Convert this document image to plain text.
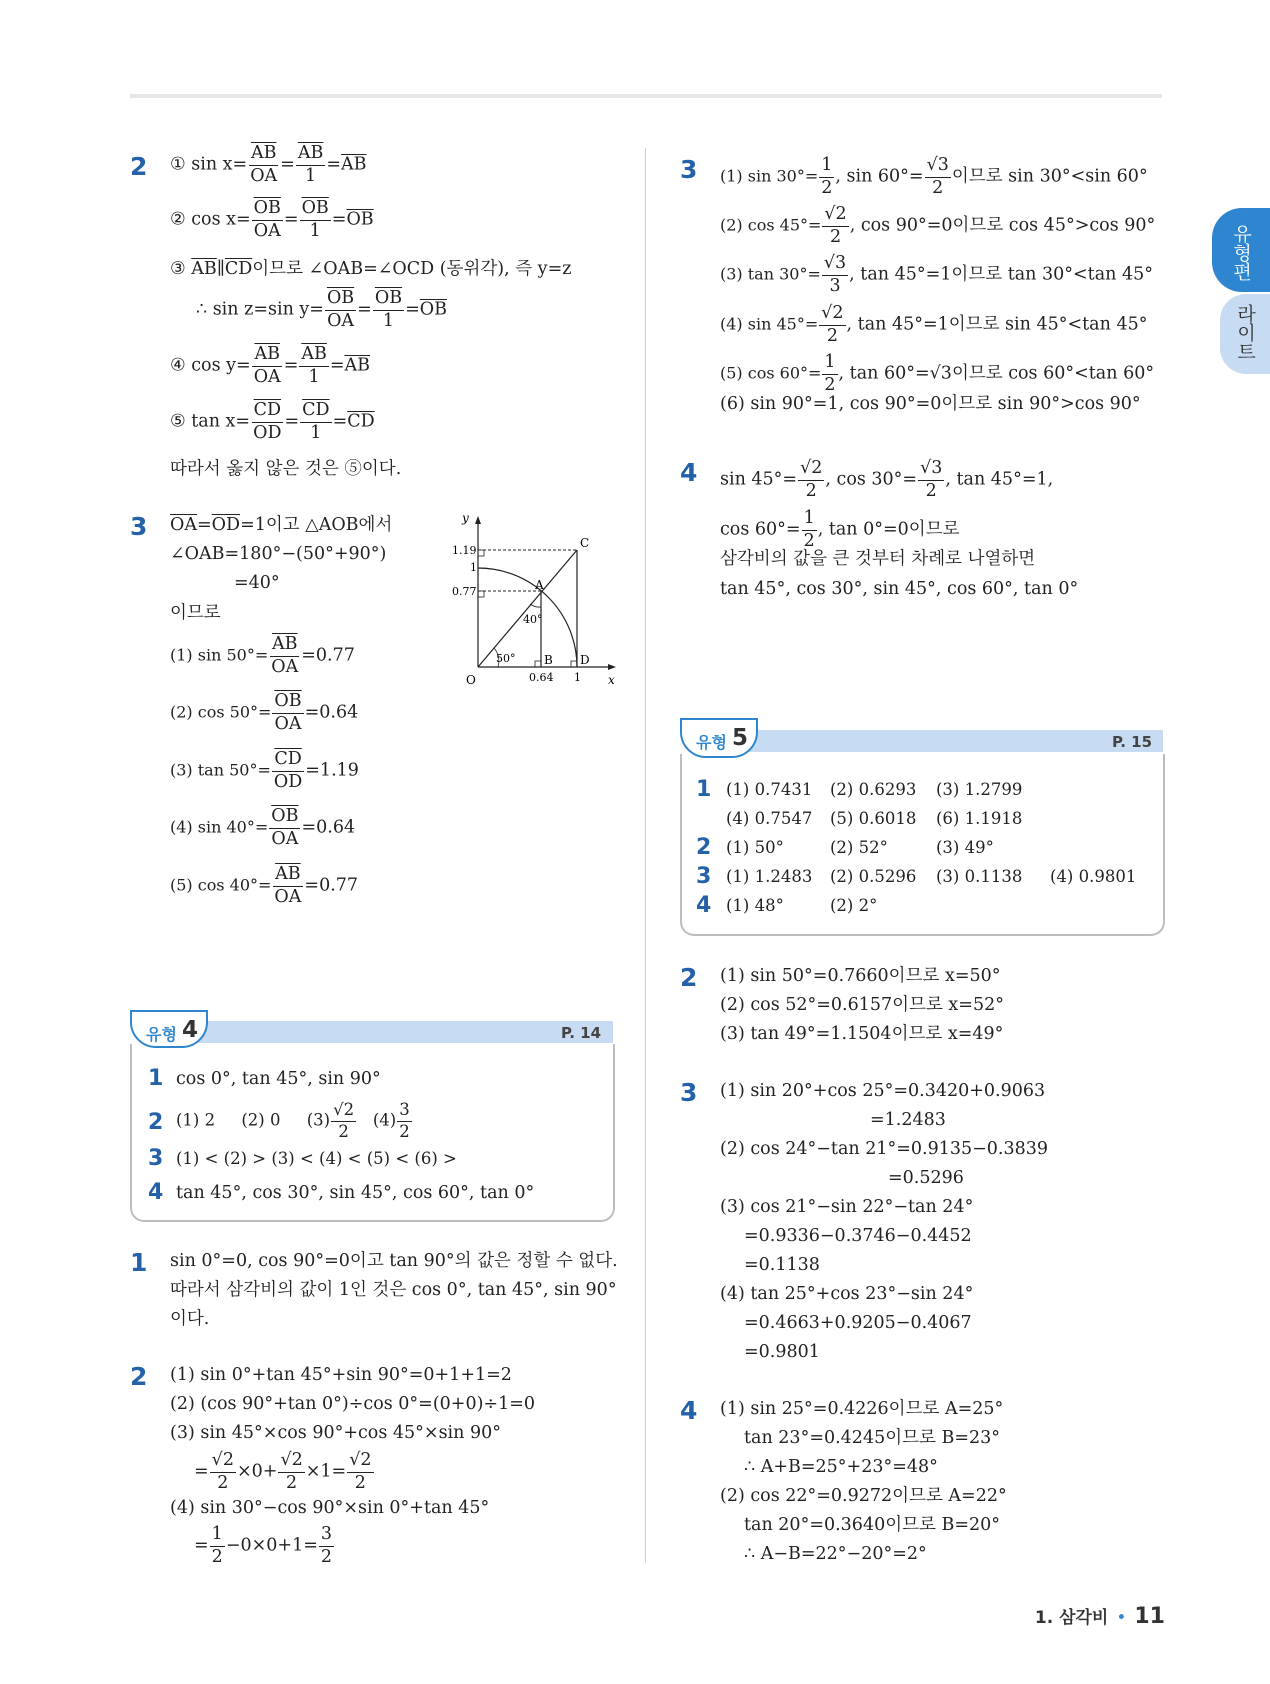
유형편
라이트
2 ① $\sin x= \frac{\overline{AB}}{OA} = \frac{\overline{AB}}{1} =\overline{AB}$
② $\cos x= \frac{\overline{OB}}{OA} = \frac{\overline{OB}}{1} =\overline{OB}$
③ $\overline{AB}\parallel\overline{CD}$이므로 ∠OAB=∠OCD (동위각), 즉 y=z
∴ sin z=sin $y= \frac{\overline{OB}}{OA} = \frac{\overline{OB}}{1} =\overline{OB}$
④ $\cos y= \frac{\overline{AB}}{OA} = \frac{\overline{AB}}{1} =\overline{AB}$
⑤ $\tan x= \frac{\overline{CD}}{OD} = \frac{\overline{CD}}{1} =\overline{CD}$
따라서 옳지 않은 것은 ⑤이다.
3 $\overline{OA}=\overline{OD}=1$이고 △AOB에서
∠OAB=180°−(50°+90°)
=40°
이므로
(1) $\sin 50^\circ= \frac{\overline{AB}}{OA} =0.77$
(2) $\cos 50^\circ= \frac{\overline{OB}}{OA} =0.64$
(3) $\tan 50^\circ= \frac{\overline{CD}}{OD} =1.19$
(4) $\sin 40^\circ= \frac{\overline{OB}}{OA} =0.64$
(5) $\cos 40^\circ= \frac{\overline{AB}}{OA} =0.77$
y
x
O
A
B
C
D
1.19
1
0.77
0.64 1
50°
40°
유형 4	P. 14
1 cos 0°, tan 45°, sin 90°
2 (1) 2 (2) 0 $(3) \frac{√2}{2} (4) \frac{3}{2}$
3 (1) < (2) > (3) < (4) < (5) < (6) >
4 tan 45°, cos 30°, sin 45°, cos 60°, tan 0°
1 sin 0°=0, cos 90°=0이고 tan 90°의 값은 정할 수 없다.
따라서 삼각비의 값이 1인 것은 cos 0°, tan 45°, sin 90°
이다.
2 (1) sin 0°+tan 45°+sin 90°=0+1+1=2
(2) (cos 90°+tan 0°)÷cos 0°=(0+0)÷1=0
(3) sin 45°×cos 90°+cos 45°×sin 90°
= $\frac{√2}{2} \times 0+ \frac{√2}{2} \times 1= \frac{√2}{2}$
(4) sin 30°−cos 90°×sin 0°+tan 45°
= $\frac{1}{2} -0\times 0+1= \frac{3}{2}$
3 (1) $\sin 30^\circ= \frac{1}{2}$ , $\sin 60^\circ= \frac{√3}{2}$ 이므로 sin 30°<sin 60°
(2) $\cos 45^\circ= \frac{√2}{2}$ , cos 90°=0이므로 cos 45°>cos 90°
(3) $\tan 30^\circ= \frac{√3}{3}$ , tan 45°=1이므로 tan 30°<tan 45°
(4) $\sin 45^\circ= \frac{√2}{2}$ , tan 45°=1이므로 sin 45°<tan 45°
(5) $\cos 60^\circ= \frac{1}{2}$ , tan 60°=√3이므로 cos 60°<tan 60°
(6) sin 90°=1, cos 90°=0이므로 sin 90°>cos 90°
4 $\sin 45^\circ= \frac{√2}{2}$ , $\cos 30^\circ= \frac{√3}{2}$ , tan 45°=1,
$\cos 60^\circ= \frac{1}{2}$ , tan 0°=0이므로
삼각비의 값을 큰 것부터 차례로 나열하면
tan 45°, cos 30°, sin 45°, cos 60°, tan 0°
유형 5	P. 15
1 (1) 0.7431 (2) 0.6293 (3) 1.2799
(4) 0.7547 (5) 0.6018 (6) 1.1918
2 (1) 50°	(2) 52°	(3) 49°
3 (1) 1.2483 (2) 0.5296 (3) 0.1138 (4) 0.9801
4 (1) 48°	(2) 2°
2 (1) sin 50°=0.7660이므로 x=50°
(2) cos 52°=0.6157이므로 x=52°
(3) tan 49°=1.1504이므로 x=49°
3 (1) sin 20°+cos 25°=0.3420+0.9063
=1.2483
(2) cos 24°−tan 21°=0.9135−0.3839
=0.5296
(3) cos 21°−sin 22°−tan 24°
=0.9336−0.3746−0.4452
=0.1138
(4) tan 25°+cos 23°−sin 24°
=0.4663+0.9205−0.4067
=0.9801
4 (1) sin 25°=0.4226이므로 A=25°
tan 23°=0.4245이므로 B=23°
∴ A+B=25°+23°=48°
(2) cos 22°=0.9272이므로 A=22°
tan 20°=0.3640이므로 B=20°
∴ A−B=22°−20°=2°
1. 삼각비 • 11
